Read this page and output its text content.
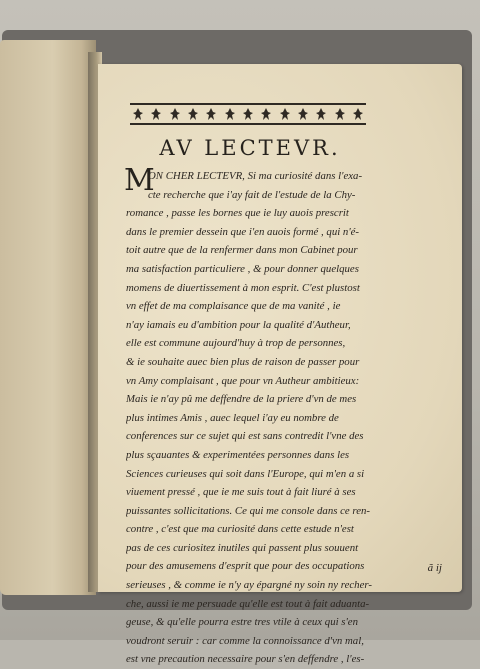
AV LECTEVR.
M
ON CHER LECTEVR, Si ma curiosité dans l'exa-
cte recherche que i'ay fait de l'estude de la Chy-
romance , passe les bornes que ie luy auois prescrit
dans le premier dessein que i'en auois formé , qui n'é-
toit autre que de la renfermer dans mon Cabinet pour
ma satisfaction particuliere , & pour donner quelques
momens de diuertissement à mon esprit. C'est plustost
vn effet de ma complaisance que de ma vanité , ie
n'ay iamais eu d'ambition pour la qualité d'Autheur,
elle est commune aujourd'huy à trop de personnes,
& ie souhaite auec bien plus de raison de passer pour
vn Amy complaisant , que pour vn Autheur ambitieux:
Mais ie n'ay pû me deffendre de la priere d'vn de mes
plus intimes Amis , auec lequel i'ay eu nombre de
conferences sur ce sujet qui est sans contredit l'vne des
plus sçauantes & experimentées personnes dans les
Sciences curieuses qui soit dans l'Europe, qui m'en a si
viuement pressé , que ie me suis tout à fait liuré à ses
puissantes sollicitations. Ce qui me console dans ce ren-
contre , c'est que ma curiosité dans cette estude n'est
pas de ces curiositez inutiles qui passent plus souuent
pour des amusemens d'esprit que pour des occupations
serieuses , & comme ie n'y ay épargné ny soin ny recher-
che, aussi ie me persuade qu'elle est tout à fait aduanta-
geuse, & qu'elle pourra estre tres vtile à ceux qui s'en
voudront seruir : car comme la connoissance d'vn mal,
est vne precaution necessaire pour s'en deffendre , l'es-
ã ij
